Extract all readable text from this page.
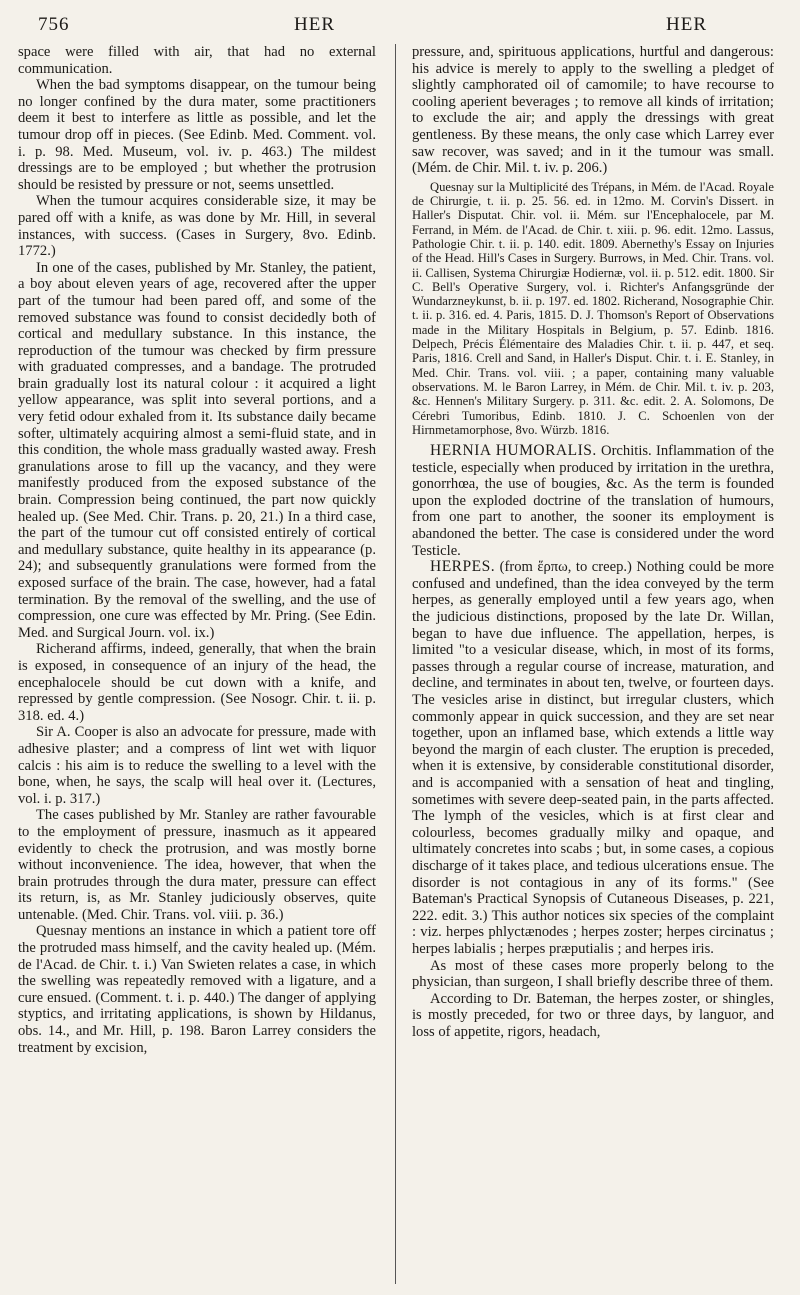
756	HER	HER

space were filled with air, that had no external communication.

When the bad symptoms disappear, on the tumour being no longer confined by the dura mater, some practitioners deem it best to interfere as little as possible, and let the tumour drop off in pieces. (See Edinb. Med. Comment. vol. i. p. 98. Med. Museum, vol. iv. p. 463.) The mildest dressings are to be employed ; but whether the protrusion should be resisted by pressure or not, seems unsettled.

When the tumour acquires considerable size, it may be pared off with a knife, as was done by Mr. Hill, in several instances, with success. (Cases in Surgery, 8vo. Edinb. 1772.)

In one of the cases, published by Mr. Stanley, the patient, a boy about eleven years of age, recovered after the upper part of the tumour had been pared off, and some of the removed substance was found to consist decidedly both of cortical and medullary substance. In this instance, the reproduction of the tumour was checked by firm pressure with graduated compresses, and a bandage. The protruded brain gradually lost its natural colour : it acquired a light yellow appearance, was split into several portions, and a very fetid odour exhaled from it. Its substance daily became softer, ultimately acquiring almost a semi-fluid state, and in this condition, the whole mass gradually wasted away. Fresh granulations arose to fill up the vacancy, and they were manifestly produced from the exposed substance of the brain. Compression being continued, the part now quickly healed up. (See Med. Chir. Trans. p. 20, 21.) In a third case, the part of the tumour cut off consisted entirely of cortical and medullary substance, quite healthy in its appearance (p. 24); and subsequently granulations were formed from the exposed surface of the brain. The case, however, had a fatal termination. By the removal of the swelling, and the use of compression, one cure was effected by Mr. Pring. (See Edin. Med. and Surgical Journ. vol. ix.)

Richerand affirms, indeed, generally, that when the brain is exposed, in consequence of an injury of the head, the encephalocele should be cut down with a knife, and repressed by gentle compression. (See Nosogr. Chir. t. ii. p. 318. ed. 4.)

Sir A. Cooper is also an advocate for pressure, made with adhesive plaster; and a compress of lint wet with liquor calcis : his aim is to reduce the swelling to a level with the bone, when, he says, the scalp will heal over it. (Lectures, vol. i. p. 317.)

The cases published by Mr. Stanley are rather favourable to the employment of pressure, inasmuch as it appeared evidently to check the protrusion, and was mostly borne without inconvenience. The idea, however, that when the brain protrudes through the dura mater, pressure can effect its return, is, as Mr. Stanley judiciously observes, quite untenable. (Med. Chir. Trans. vol. viii. p. 36.)

Quesnay mentions an instance in which a patient tore off the protruded mass himself, and the cavity healed up. (Mém. de l'Acad. de Chir. t. i.) Van Swieten relates a case, in which the swelling was repeatedly removed with a ligature, and a cure ensued. (Comment. t. i. p. 440.) The danger of applying styptics, and irritating applications, is shown by Hildanus, obs. 14., and Mr. Hill, p. 198. Baron Larrey considers the treatment by excision,

pressure, and, spirituous applications, hurtful and dangerous: his advice is merely to apply to the swelling a pledget of slightly camphorated oil of camomile; to have recourse to cooling aperient beverages ; to remove all kinds of irritation; to exclude the air; and apply the dressings with great gentleness. By these means, the only case which Larrey ever saw recover, was saved; and in it the tumour was small. (Mém. de Chir. Mil. t. iv. p. 206.)

Quesnay sur la Multiplicité des Trépans, in Mém. de l'Acad. Royale de Chirurgie, t. ii. p. 25. 56. ed. in 12mo. M. Corvin's Dissert. in Haller's Disputat. Chir. vol. ii. Mém. sur l'Encephalocele, par M. Ferrand, in Mém. de l'Acad. de Chir. t. xiii. p. 96. edit. 12mo. Lassus, Pathologie Chir. t. ii. p. 140. edit. 1809. Abernethy's Essay on Injuries of the Head. Hill's Cases in Surgery. Burrows, in Med. Chir. Trans. vol. ii. Callisen, Systema Chirurgiæ Hodiernæ, vol. ii. p. 512. edit. 1800. Sir C. Bell's Operative Surgery, vol. i. Richter's Anfangsgründe der Wundarzneykunst, b. ii. p. 197. ed. 1802. Richerand, Nosographie Chir. t. ii. p. 316. ed. 4. Paris, 1815. D. J. Thomson's Report of Observations made in the Military Hospitals in Belgium, p. 57. Edinb. 1816. Delpech, Précis Élémentaire des Maladies Chir. t. ii. p. 447, et seq. Paris, 1816. Crell and Sand, in Haller's Disput. Chir. t. i. E. Stanley, in Med. Chir. Trans. vol. viii. ; a paper, containing many valuable observations. M. le Baron Larrey, in Mém. de Chir. Mil. t. iv. p. 203, &c. Hennen's Military Surgery. p. 311. &c. edit. 2. A. Solomons, De Cérebri Tumoribus, Edinb. 1810. J. C. Schoenlen von der Hirnmetamorphose, 8vo. Würzb. 1816.

HERNIA HUMORALIS. Orchitis. Inflammation of the testicle, especially when produced by irritation in the urethra, gonorrhœa, the use of bougies, &c. As the term is founded upon the exploded doctrine of the translation of humours, from one part to another, the sooner its employment is abandoned the better. The case is considered under the word Testicle.

HERPES. (from ἕρπω, to creep.) Nothing could be more confused and undefined, than the idea conveyed by the term herpes, as generally employed until a few years ago, when the judicious distinctions, proposed by the late Dr. Willan, began to have due influence. The appellation, herpes, is limited "to a vesicular disease, which, in most of its forms, passes through a regular course of increase, maturation, and decline, and terminates in about ten, twelve, or fourteen days. The vesicles arise in distinct, but irregular clusters, which commonly appear in quick succession, and they are set near together, upon an inflamed base, which extends a little way beyond the margin of each cluster. The eruption is preceded, when it is extensive, by considerable constitutional disorder, and is accompanied with a sensation of heat and tingling, sometimes with severe deep-seated pain, in the parts affected. The lymph of the vesicles, which is at first clear and colourless, becomes gradually milky and opaque, and ultimately concretes into scabs ; but, in some cases, a copious discharge of it takes place, and tedious ulcerations ensue. The disorder is not contagious in any of its forms." (See Bateman's Practical Synopsis of Cutaneous Diseases, p. 221, 222. edit. 3.) This author notices six species of the complaint : viz. herpes phlyctænodes ; herpes zoster; herpes circinatus ; herpes labialis ; herpes præputialis ; and herpes iris.

As most of these cases more properly belong to the physician, than surgeon, I shall briefly describe three of them.

According to Dr. Bateman, the herpes zoster, or shingles, is mostly preceded, for two or three days, by languor, and loss of appetite, rigors, headach,
